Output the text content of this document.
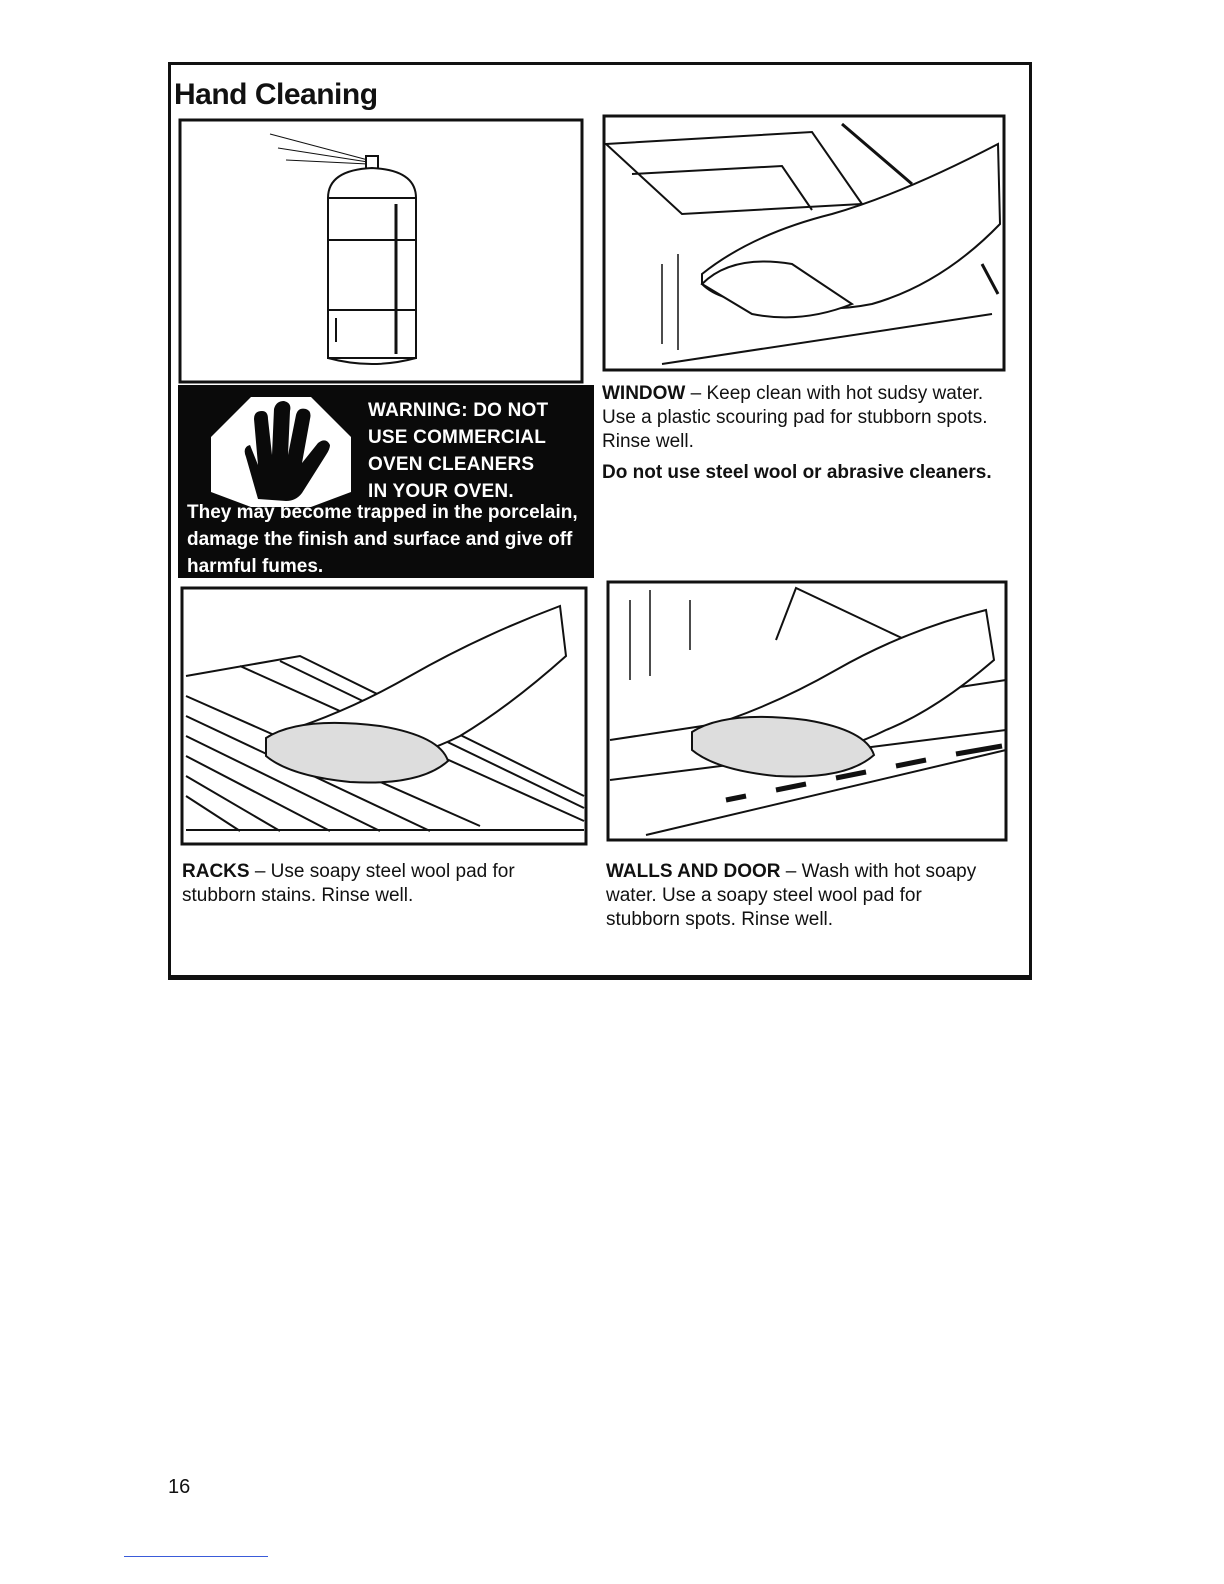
Hand Cleaning
WARNING: DO NOT
USE COMMERCIAL
OVEN CLEANERS
IN YOUR OVEN.

They may become trapped in the porcelain, damage the finish and surface and give off harmful fumes.

WINDOW – Keep clean with hot sudsy water. Use a plastic scouring pad for stubborn spots. Rinse well.

Do not use steel wool or abrasive cleaners.

RACKS – Use soapy steel wool pad for stubborn stains. Rinse well.

WALLS AND DOOR – Wash with hot soapy water. Use a soapy steel wool pad for stubborn spots. Rinse well.

16
